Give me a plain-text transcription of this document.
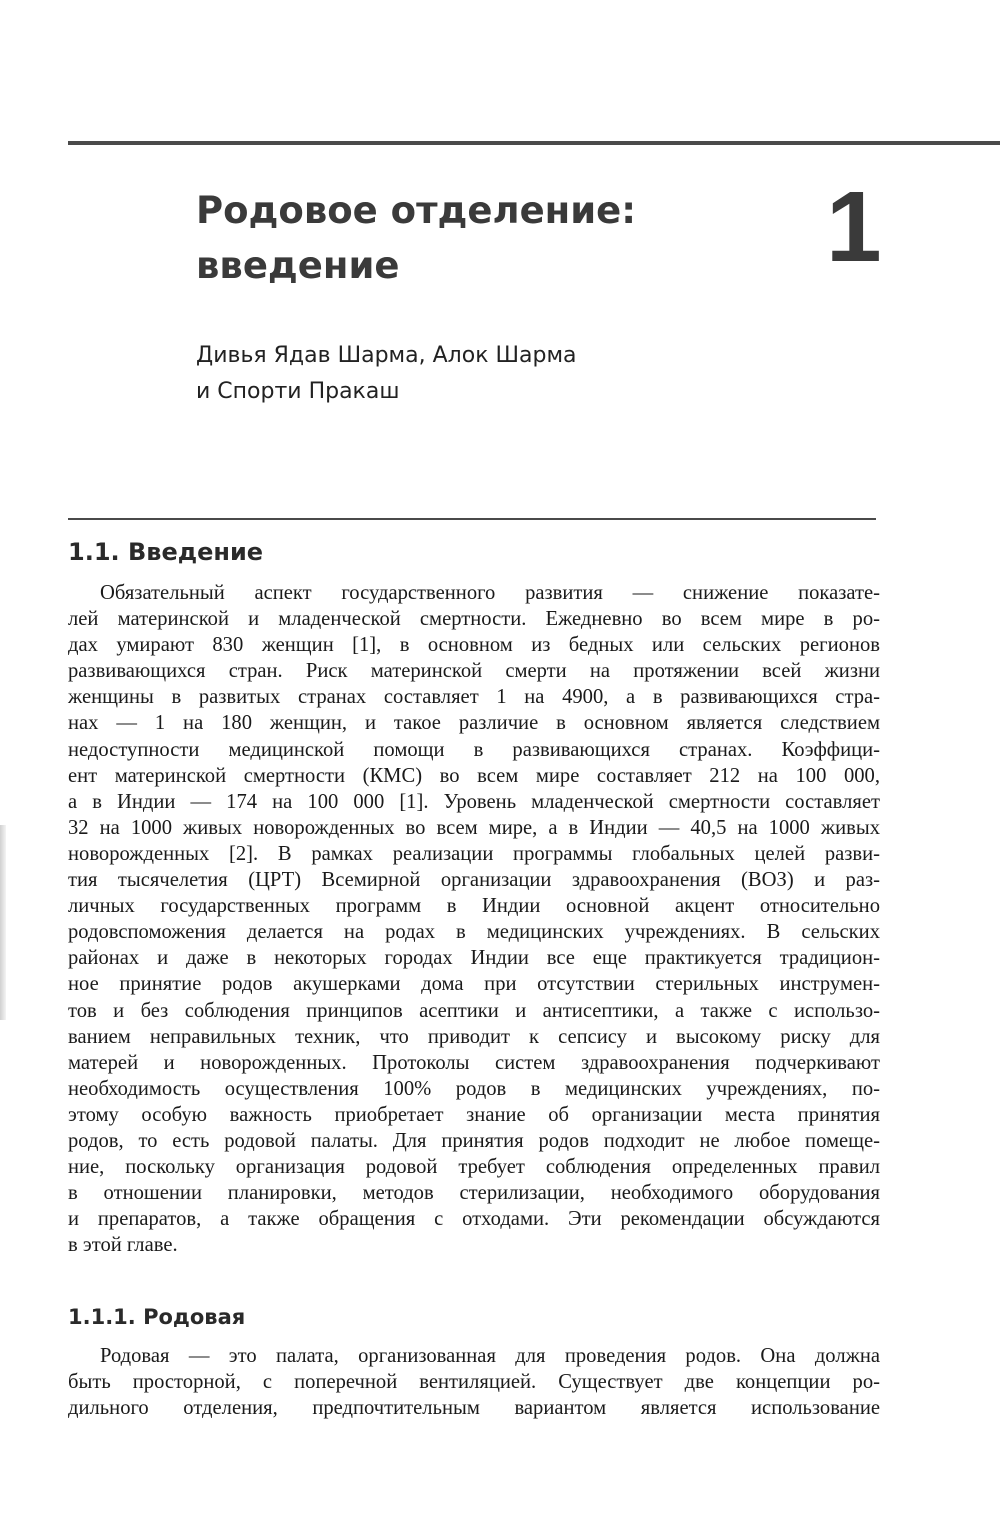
Родовое отделение:
введение	1
Дивья Ядав Шарма, Алок Шарма
и Спорти Пракаш
1.1. Введение
Обязательный аспект государственного развития — снижение показате-
лей материнской и младенческой смертности. Ежедневно во всем мире в ро-
дах умирают 830 женщин [1], в основном из бедных или сельских регионов
развивающихся стран. Риск материнской смерти на протяжении всей жизни
женщины в развитых странах составляет 1 на 4900, а в развивающихся стра-
нах — 1 на 180 женщин, и такое различие в основном является следствием
недоступности медицинской помощи в развивающихся странах. Коэффици-
ент материнской смертности (КМС) во всем мире составляет 212 на 100 000,
а в Индии — 174 на 100 000 [1]. Уровень младенческой смертности составляет
32 на 1000 живых новорожденных во всем мире, а в Индии — 40,5 на 1000 живых
новорожденных [2]. В рамках реализации программы глобальных целей разви-
тия тысячелетия (ЦРТ) Всемирной организации здравоохранения (ВОЗ) и раз-
личных государственных программ в Индии основной акцент относительно
родовспоможения делается на родах в медицинских учреждениях. В сельских
районах и даже в некоторых городах Индии все еще практикуется традицион-
ное принятие родов акушерками дома при отсутствии стерильных инструмен-
тов и без соблюдения принципов асептики и антисептики, а также с использо-
ванием неправильных техник, что приводит к сепсису и высокому риску для
матерей и новорожденных. Протоколы систем здравоохранения подчеркивают
необходимость осуществления 100% родов в медицинских учреждениях, по-
этому особую важность приобретает знание об организации места принятия
родов, то есть родовой палаты. Для принятия родов подходит не любое помеще-
ние, поскольку организация родовой требует соблюдения определенных правил
в отношении планировки, методов стерилизации, необходимого оборудования
и препаратов, а также обращения с отходами. Эти рекомендации обсуждаются
в этой главе.
1.1.1. Родовая
Родовая — это палата, организованная для проведения родов. Она должна
быть просторной, с поперечной вентиляцией. Существует две концепции ро-
дильного отделения, предпочтительным вариантом является использование
